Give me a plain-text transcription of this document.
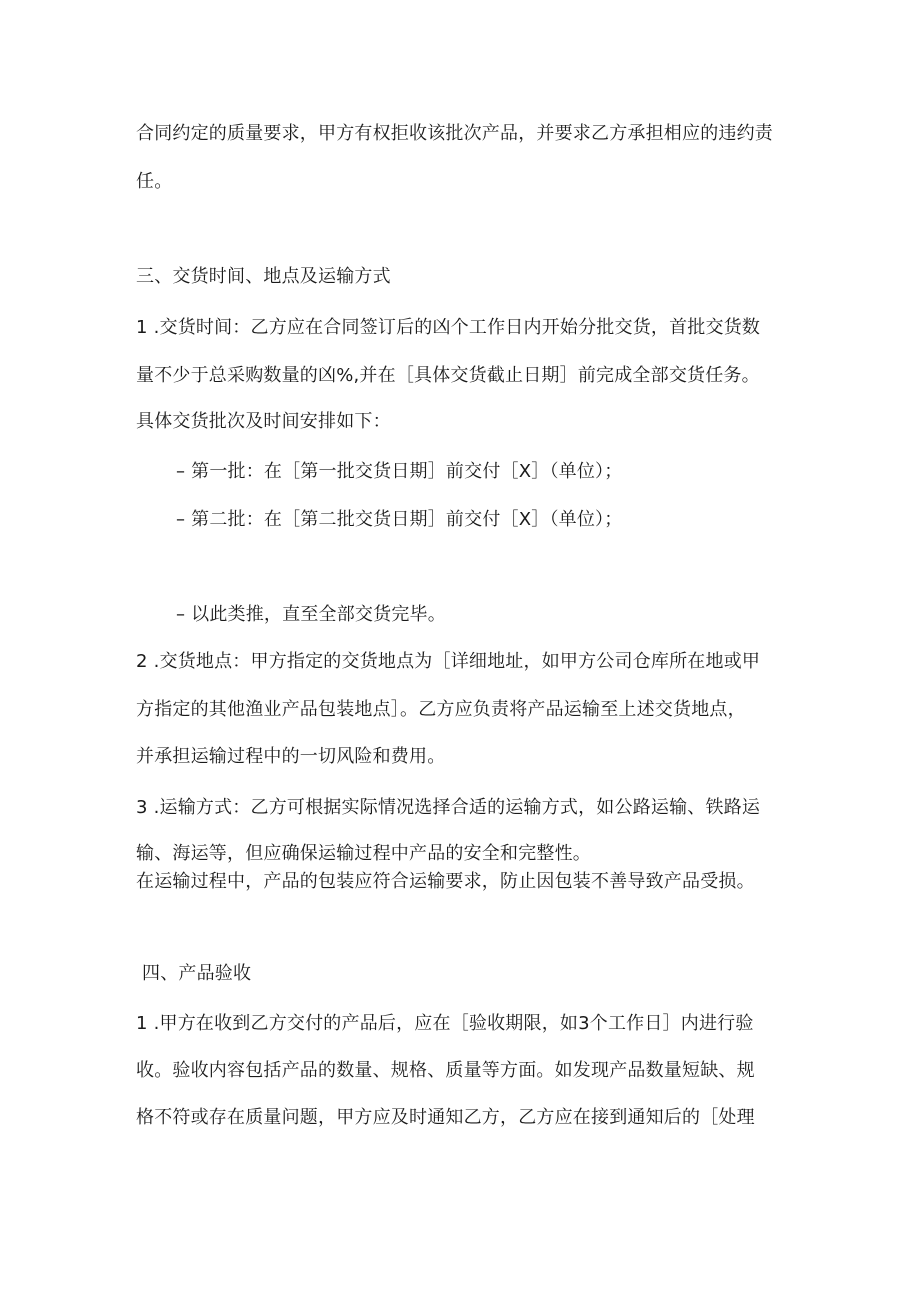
合同约定的质量要求，甲方有权拒收该批次产品，并要求乙方承担相应的违约责
任。
三、交货时间、地点及运输方式
1 .交货时间：乙方应在合同签订后的凶个工作日内开始分批交货，首批交货数
量不少于总采购数量的凶%,并在［具体交货截止日期］前完成全部交货任务。
具体交货批次及时间安排如下：
– 第一批：在［第一批交货日期］前交付［X］（单位）；
– 第二批：在［第二批交货日期］前交付［X］（单位）；
– 以此类推，直至全部交货完毕。
2 .交货地点：甲方指定的交货地点为［详细地址，如甲方公司仓库所在地或甲
方指定的其他渔业产品包装地点］。乙方应负责将产品运输至上述交货地点，
并承担运输过程中的一切风险和费用。
3 .运输方式：乙方可根据实际情况选择合适的运输方式，如公路运输、铁路运
输、海运等，但应确保运输过程中产品的安全和完整性。
在运输过程中，产品的包装应符合运输要求，防止因包装不善导致产品受损。
四、产品验收
1 .甲方在收到乙方交付的产品后，应在［验收期限，如3个工作日］内进行验
收。验收内容包括产品的数量、规格、质量等方面。如发现产品数量短缺、规
格不符或存在质量问题，甲方应及时通知乙方，乙方应在接到通知后的［处理
